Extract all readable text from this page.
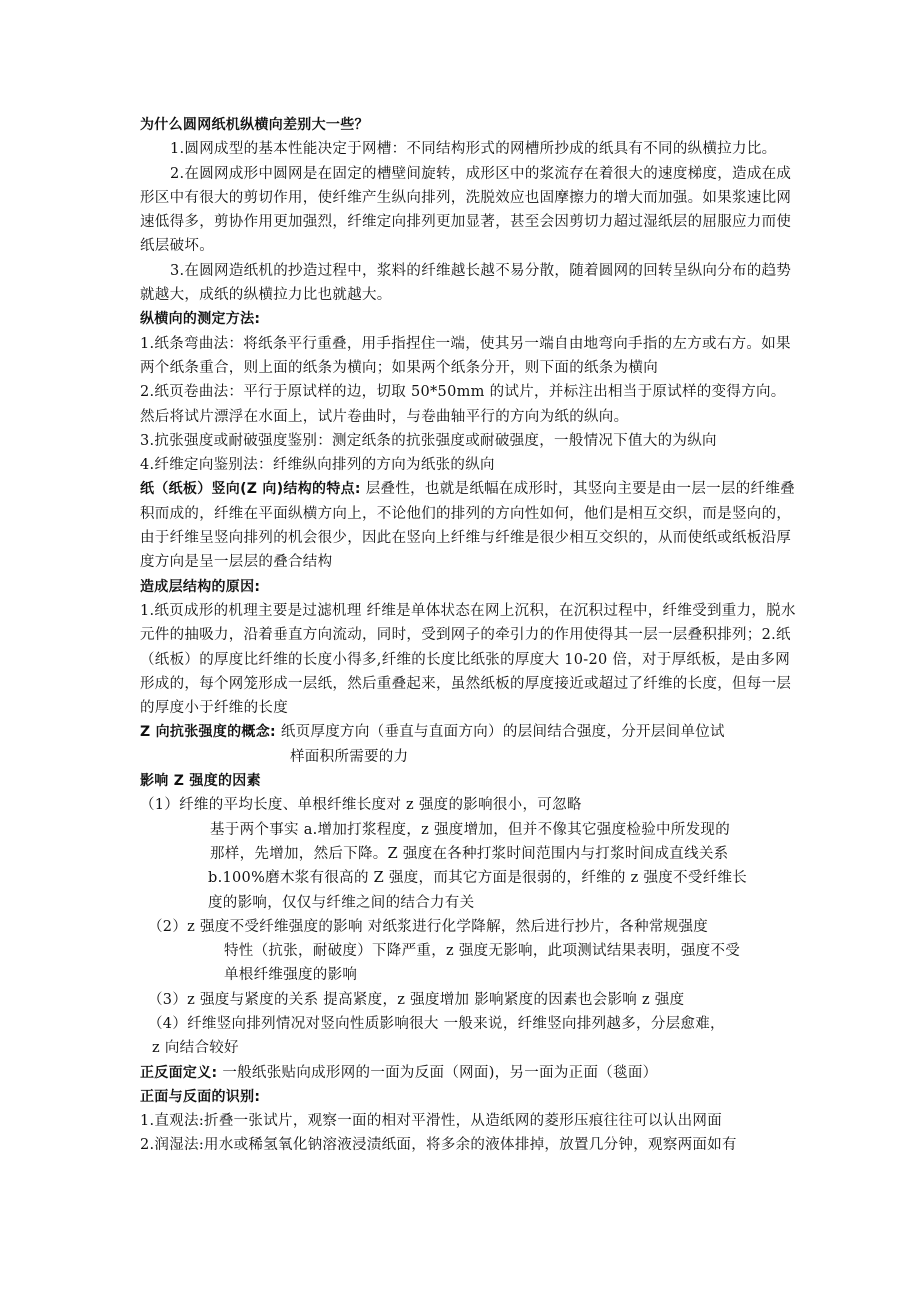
为什么圆网纸机纵横向差别大一些？

1.圆网成型的基本性能决定于网槽：不同结构形式的网槽所抄成的纸具有不同的纵横拉力比。

2.在圆网成形中圆网是在固定的槽壁间旋转，成形区中的浆流存在着很大的速度梯度，造成在成形区中有很大的剪切作用，使纤维产生纵向排列，洗脱效应也固摩擦力的增大而加强。如果浆速比网速低得多，剪协作用更加强烈，纤维定向排列更加显著，甚至会因剪切力超过湿纸层的屈服应力而使纸层破坏。

3.在圆网造纸机的抄造过程中，浆料的纤维越长越不易分散，随着圆网的回转呈纵向分布的趋势就越大，成纸的纵横拉力比也就越大。

纵横向的测定方法:

1.纸条弯曲法：将纸条平行重叠，用手指捏住一端，使其另一端自由地弯向手指的左方或右方。如果两个纸条重合，则上面的纸条为横向；如果两个纸条分开，则下面的纸条为横向

2.纸页卷曲法：平行于原试样的边，切取 50*50mm 的试片，并标注出相当于原试样的变得方向。然后将试片漂浮在水面上，试片卷曲时，与卷曲轴平行的方向为纸的纵向。

3.抗张强度或耐破强度鉴别：测定纸条的抗张强度或耐破强度，一般情况下值大的为纵向

4.纤维定向鉴别法：纤维纵向排列的方向为纸张的纵向

纸（纸板）竖向(Z 向)结构的特点: 层叠性，也就是纸幅在成形时，其竖向主要是由一层一层的纤维叠积而成的，纤维在平面纵横方向上，不论他们的排列的方向性如何，他们是相互交织，而是竖向的，由于纤维呈竖向排列的机会很少，因此在竖向上纤维与纤维是很少相互交织的，从而使纸或纸板沿厚度方向是呈一层层的叠合结构

造成层结构的原因:

1.纸页成形的机理主要是过滤机理 纤维是单体状态在网上沉积，在沉积过程中，纤维受到重力，脱水元件的抽吸力，沿着垂直方向流动，同时，受到网子的牵引力的作用使得其一层一层叠积排列；2.纸（纸板）的厚度比纤维的长度小得多,纤维的长度比纸张的厚度大 10-20 倍，对于厚纸板，是由多网形成的，每个网笼形成一层纸，然后重叠起来，虽然纸板的厚度接近或超过了纤维的长度，但每一层的厚度小于纤维的长度

Z 向抗张强度的概念: 纸页厚度方向（垂直与直面方向）的层间结合强度，分开层间单位试

样面积所需要的力

影响 Z 强度的因素

（1）纤维的平均长度、单根纤维长度对 z 强度的影响很小，可忽略

基于两个事实 a.增加打浆程度，z 强度增加，但并不像其它强度检验中所发现的

那样，先增加，然后下降。Z 强度在各种打浆时间范围内与打浆时间成直线关系

b.100%磨木浆有很高的 Z 强度，而其它方面是很弱的，纤维的 z 强度不受纤维长

度的影响，仅仅与纤维之间的结合力有关

（2）z 强度不受纤维强度的影响 对纸浆进行化学降解，然后进行抄片，各种常规强度

特性（抗张，耐破度）下降严重，z 强度无影响，此项测试结果表明，强度不受

单根纤维强度的影响

（3）z 强度与紧度的关系 提高紧度，z 强度增加 影响紧度的因素也会影响 z 强度

（4）纤维竖向排列情况对竖向性质影响很大 一般来说，纤维竖向排列越多，分层愈难，

z 向结合较好

正反面定义: 一般纸张贴向成形网的一面为反面（网面)，另一面为正面（毯面）

正面与反面的识别:

1.直观法:折叠一张试片，观察一面的相对平滑性，从造纸网的菱形压痕往往可以认出网面

2.润湿法:用水或稀氢氧化钠溶液浸渍纸面，将多余的液体排掉，放置几分钟，观察两面如有
